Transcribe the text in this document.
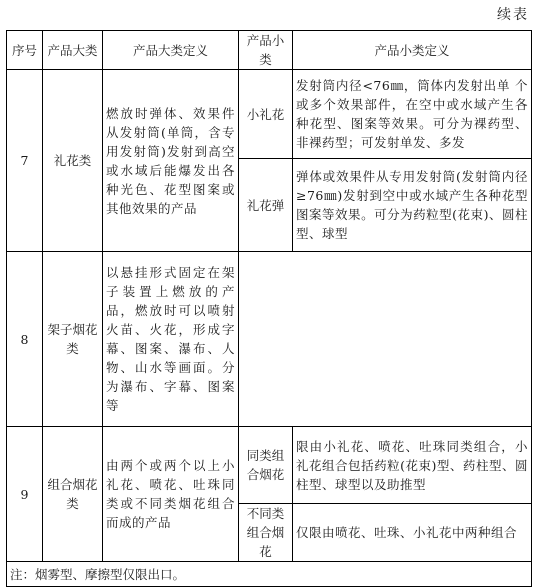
续表
序号	产品大类	产品大类定义	产品小类	产品小类定义
7	礼花类	燃放时弹体、效果件从发射筒(单筒，含专用发射筒)发射到高空或水域后能爆发出各种光色、花型图案或其他效果的产品	小礼花	发射筒内径<76㎜，筒体内发射出单 个或多个效果部件，在空中或水域产生各种花型、图案等效果。可分为裸药型、非裸药型；可发射单发、多发
			礼花弹	弹体或效果件从专用发射筒(发射筒内径≥76㎜)发射到空中或水域产生各种花型图案等效果。可分为药粒型(花束)、圆柱型、球型
8	架子烟花类	以悬挂形式固定在架子装置上燃放的产品，燃放时可以喷射火苗、火花，形成字幕、图案、瀑布、人物、山水等画面。分为瀑布、字幕、图案等		
9	组合烟花类	由两个或两个以上小礼花、喷花、吐珠同类或不同类烟花组合而成的产品	同类组合烟花	限由小礼花、喷花、吐珠同类组合，小礼花组合包括药粒(花束)型、药柱型、圆柱型、球型以及助推型
			不同类组合烟花	仅限由喷花、吐珠、小礼花中两种组合
注：烟雾型、摩擦型仅限出口。				
